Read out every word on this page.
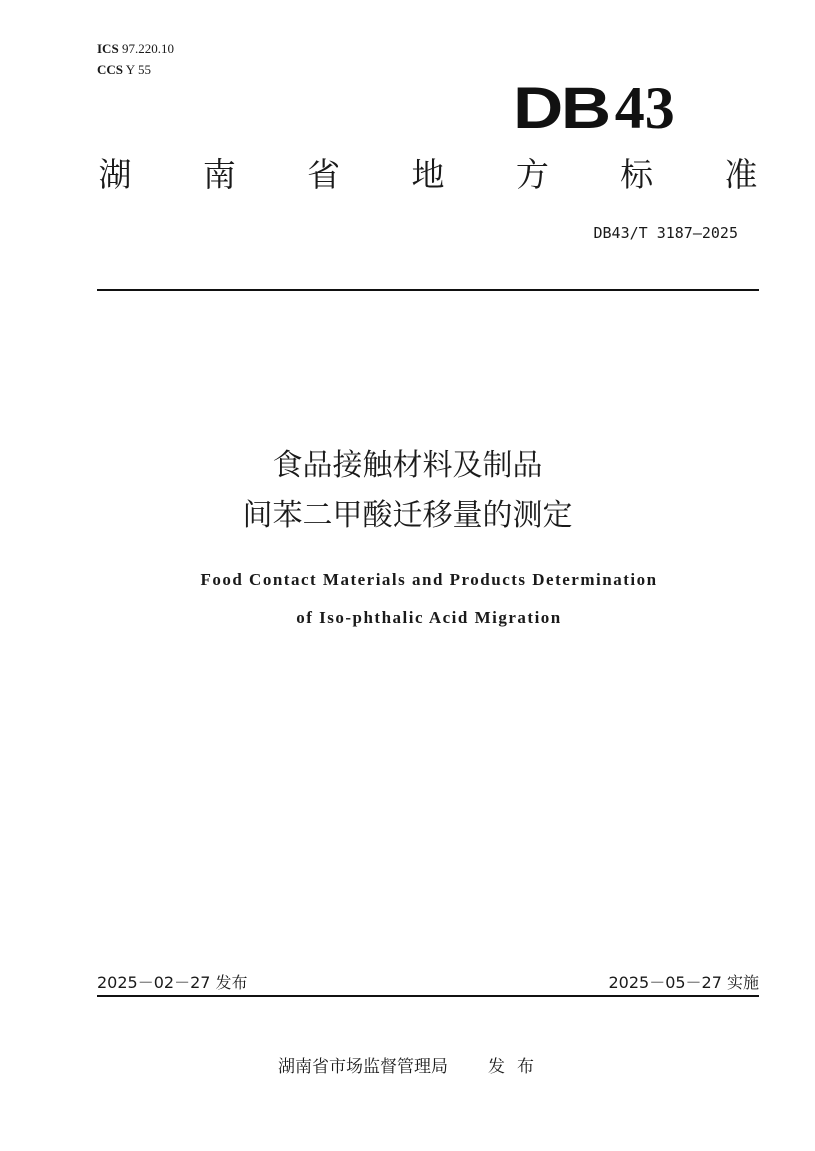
ICS 97.220.10
CCS Y 55
DB 43
湖 南 省 地 方 标 准
DB43/T 3187—2025
食品接触材料及制品
间苯二甲酸迁移量的测定
Food Contact Materials and Products Determination
of Iso-phthalic Acid Migration
2025－02－27 发布	2025－05－27 实施
湖南省市场监督管理局 发布
